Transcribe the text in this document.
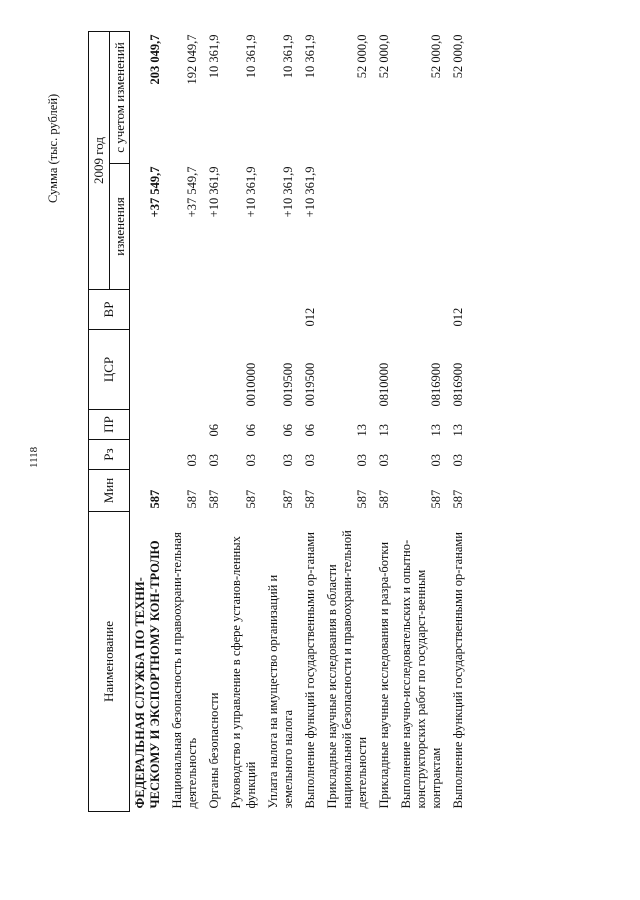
1118
Сумма (тыс. рублей)
Наименование	Мин	Рз	ПР	ЦСР	ВР	2009 год	
						изменения	с учетом изменений
ФЕДЕРАЛЬНАЯ СЛУЖБА ПО ТЕХНИ-ЧЕСКОМУ И ЭКСПОРТНОМУ КОН-ТРОЛЮ	587					+37 549,7	203 049,7
Национальная безопасность и правоохрани-тельная деятельность	587	03				+37 549,7	192 049,7
Органы безопасности	587	03	06			+10 361,9	10 361,9
Руководство и управление в сфере установ-ленных функций	587	03	06	0010000		+10 361,9	10 361,9
Уплата налога на имущество организаций и земельного налога	587	03	06	0019500		+10 361,9	10 361,9
Выполнение функций государственными ор-ганами	587	03	06	0019500	012	+10 361,9	10 361,9
Прикладные научные исследования в области национальной безопасности и правоохрани-тельной деятельности	587	03	13				52 000,0
Прикладные научные исследования и разра-ботки	587	03	13	0810000			52 000,0
Выполнение научно-исследовательских и опытно-конструкторских работ по государст-венным контрактам	587	03	13	0816900			52 000,0
Выполнение функций государственными ор-ганами	587	03	13	0816900	012		52 000,0
